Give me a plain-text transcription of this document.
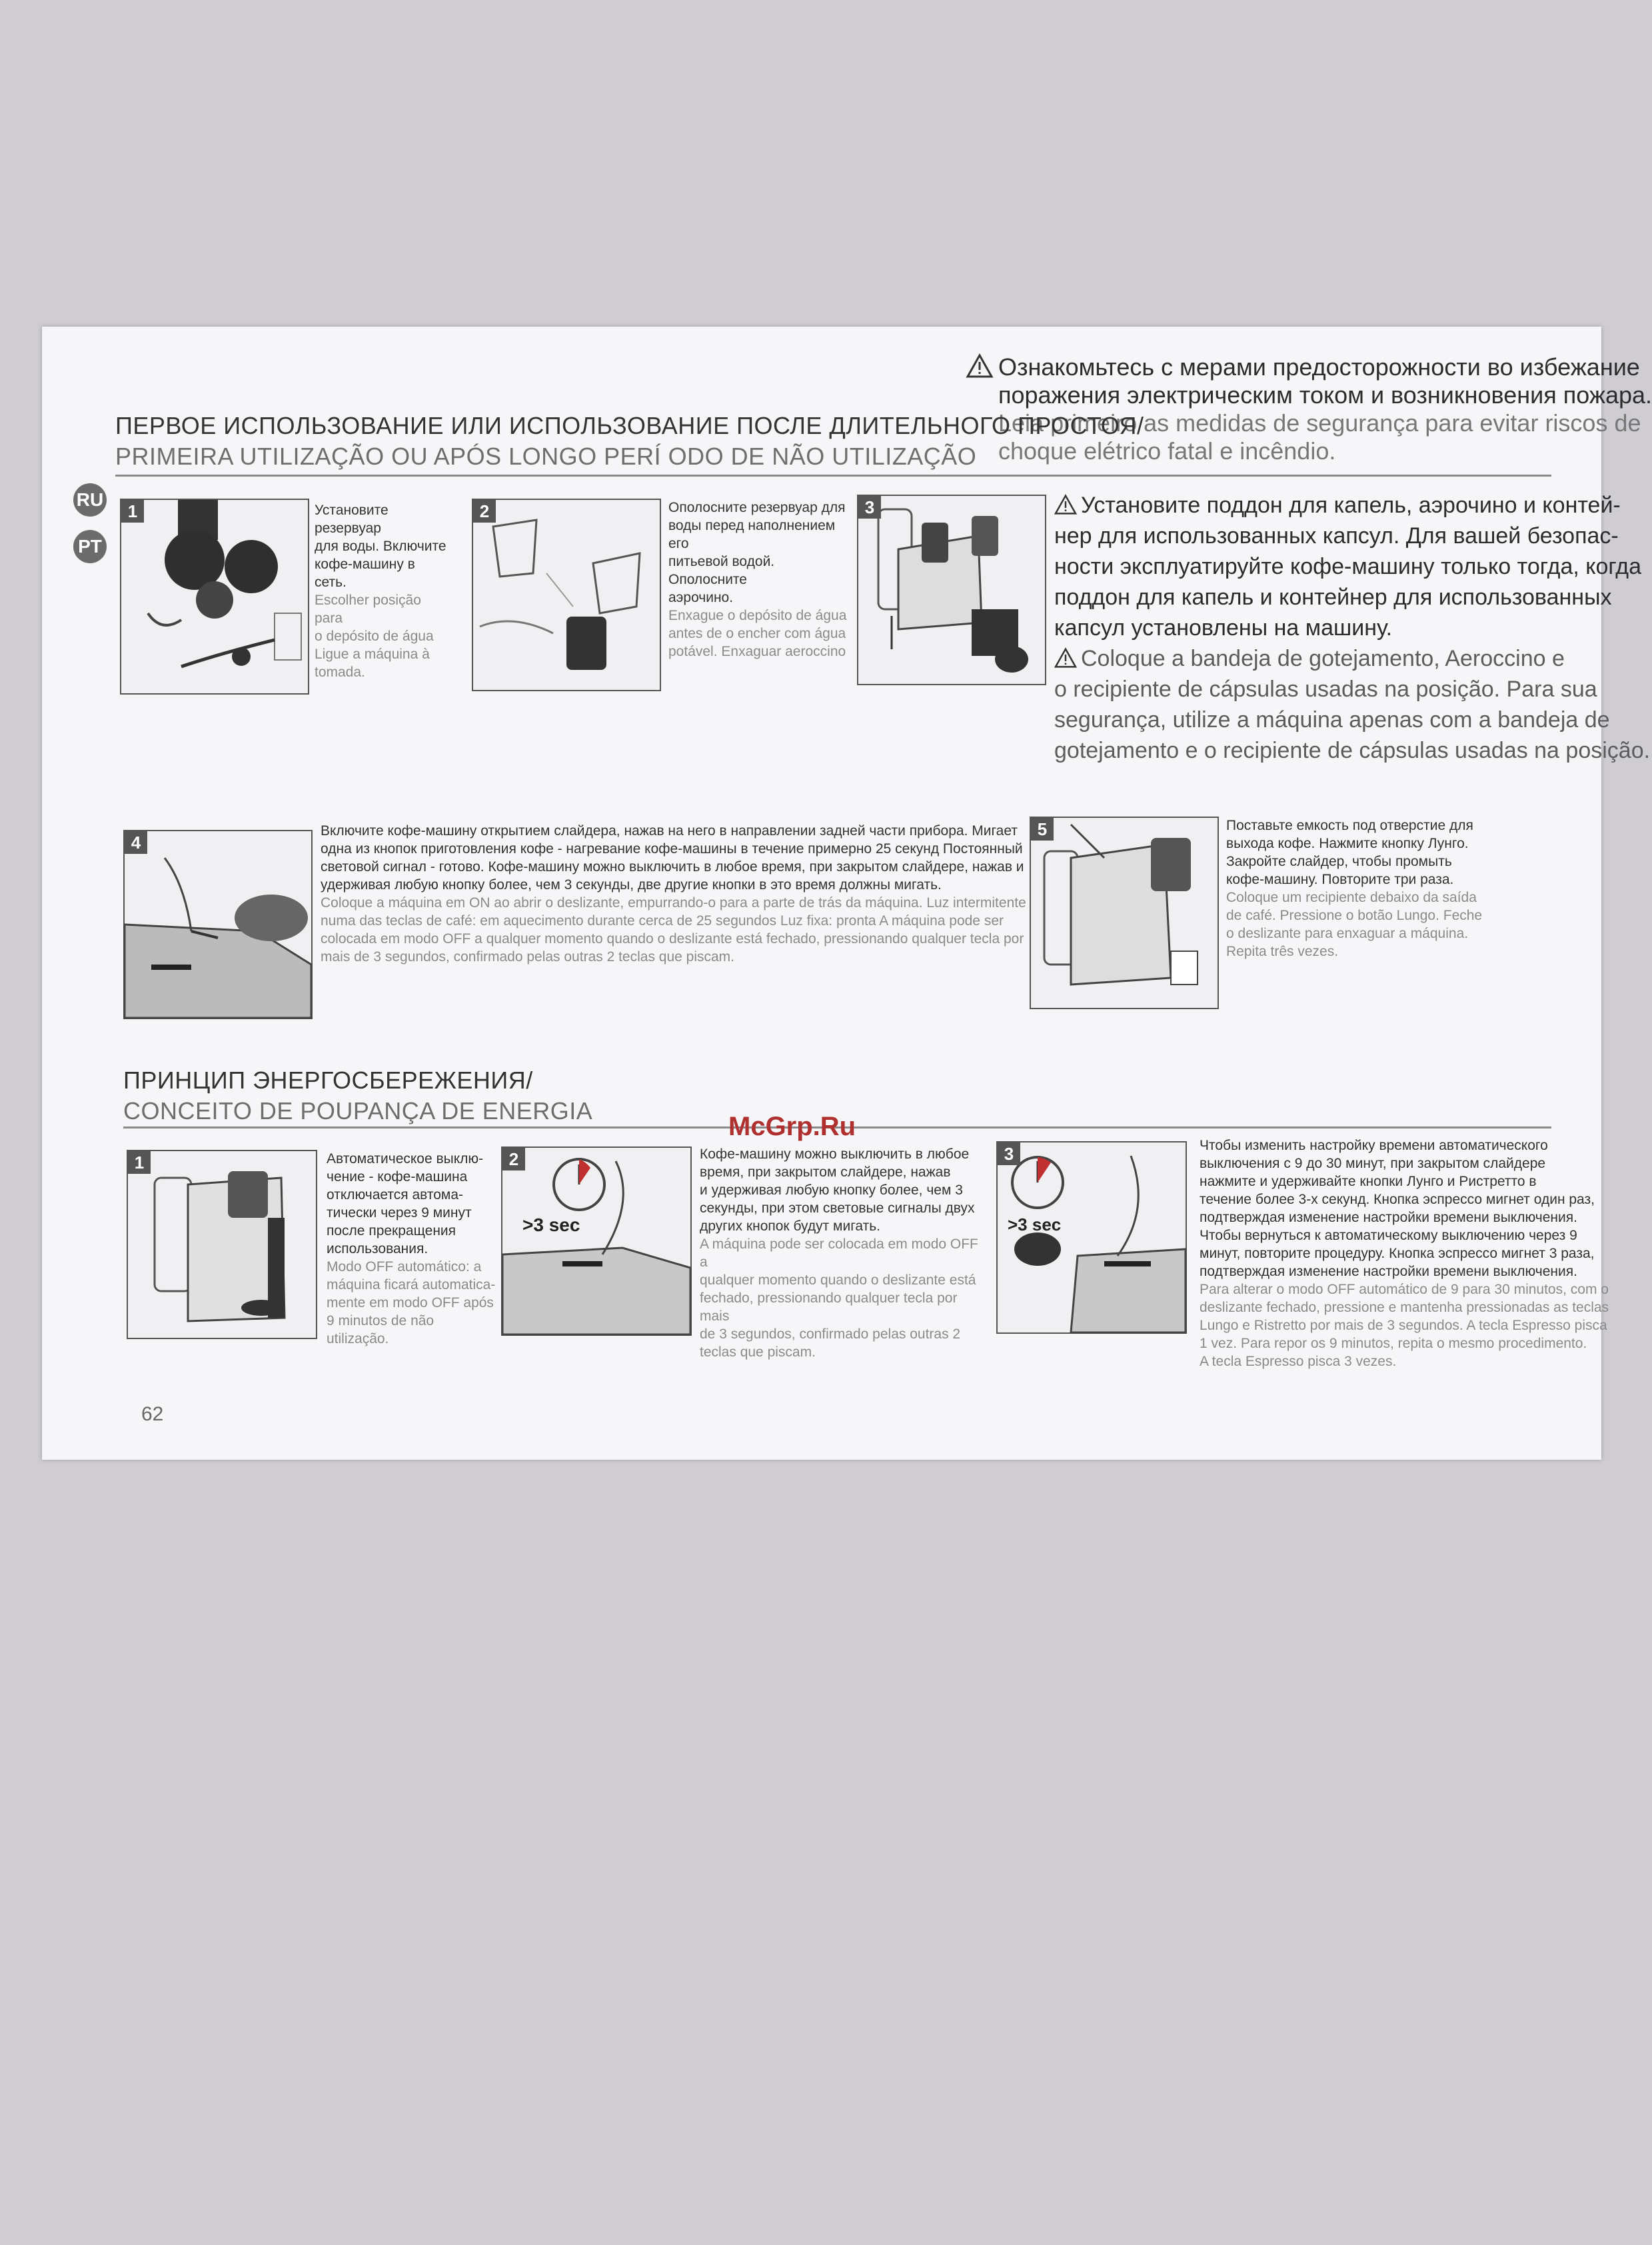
Ознакомьтесь с мерами предосторожности во избежание
поражения электрическим током и возникновения пожара.
Leia primeiro as medidas de segurança para evitar riscos de
choque elétrico fatal e incêndio.
ПЕРВОЕ ИСПОЛЬЗОВАНИЕ ИЛИ ИСПОЛЬЗОВАНИЕ ПОСЛЕ ДЛИТЕЛЬНОГО ПРОСТОЯ/
PRIMEIRA UTILIZAÇÃO OU APÓS LONGO PERÍ ODO DE NÃO UTILIZAÇÃO
RU
PT
1	Установите резервуар
для воды. Включите
кофе-машину в сеть.
Escolher posição para
o depósito de água
Ligue a máquina à
tomada.
2	Ополосните резервуар для
воды перед наполнением его
питьевой водой. Ополосните
аэрочино.
Enxague o depósito de água
antes de o encher com água
potável. Enxaguar aeroccino
3	Установите поддон для капель, аэрочино и контей-
нер для использованных капсул. Для вашей безопас-
ности эксплуатируйте кофе-машину только тогда, когда
поддон для капель и контейнер для использованных
капсул установлены на машину.
Coloque a bandeja de gotejamento, Aeroccino e
o recipiente de cápsulas usadas na posição. Para sua
segurança, utilize a máquina apenas com a bandeja de
gotejamento e o recipiente de cápsulas usadas na posição.
4
Включите кофе-машину открытием слайдера, нажав на него в направлении задней части прибора. Мигает
одна из кнопок приготовления кофе - нагревание кофе-машины в течение примерно 25 секунд Постоянный
световой сигнал - готово. Кофе-машину можно выключить в любое время, при закрытом слайдере, нажав и
удерживая любую кнопку более, чем 3 секунды, две другие кнопки в это время должны мигать.
Coloque a máquina em ON ao abrir o deslizante, empurrando-o para a parte de trás da máquina. Luz intermitente
numa das teclas de café: em aquecimento durante cerca de 25 segundos Luz fixa: pronta A máquina pode ser
colocada em modo OFF a qualquer momento quando o deslizante está fechado, pressionando qualquer tecla por
mais de 3 segundos, confirmado pelas outras 2 teclas que piscam.
5	Поставьте емкость под отверстие для
выхода кофе. Нажмите кнопку Лунго.
Закройте слайдер, чтобы промыть
кофе-машину. Повторите три раза.
Coloque um recipiente debaixo da saída
de café. Pressione o botão Lungo. Feche
o deslizante para enxaguar a máquina.
Repita três vezes.
ПРИНЦИП ЭНЕРГОСБЕРЕЖЕНИЯ/
CONCEITO DE POUPANÇA DE ENERGIA
McGrp.Ru
1	Автоматическое выклю-
чение - кофе-машина
отключается автома-
тически через 9 минут
после прекращения
использования.
Modo OFF automático: a
máquina ficará automatica-
mente em modo OFF após
9 minutos de não utilização.
2
>3 sec
Кофе-машину можно выключить в любое
время, при закрытом слайдере, нажав
и удерживая любую кнопку более, чем 3
секунды, при этом световые сигналы двух
других кнопок будут мигать.
A máquina pode ser colocada em modo OFF a
qualquer momento quando o deslizante está
fechado, pressionando qualquer tecla por mais
de 3 segundos, confirmado pelas outras 2
teclas que piscam.
3
>3 sec
Чтобы изменить настройку времени автоматического
выключения с 9 до 30 минут, при закрытом слайдере
нажмите и удерживайте кнопки Лунго и Ристретто в
течение более 3-х секунд. Кнопка эспрессо мигнет один раз,
подтверждая изменение настройки времени выключения.
Чтобы вернуться к автоматическому выключению через 9
минут, повторите процедуру. Кнопка эспрессо мигнет 3 раза,
подтверждая изменение настройки времени выключения.
Para alterar o modo OFF automático de 9 para 30 minutos, com o
deslizante fechado, pressione e mantenha pressionadas as teclas
Lungo e Ristretto por mais de 3 segundos. A tecla Espresso pisca
1 vez. Para repor os 9 minutos, repita o mesmo procedimento.
A tecla Espresso pisca 3 vezes.
62
